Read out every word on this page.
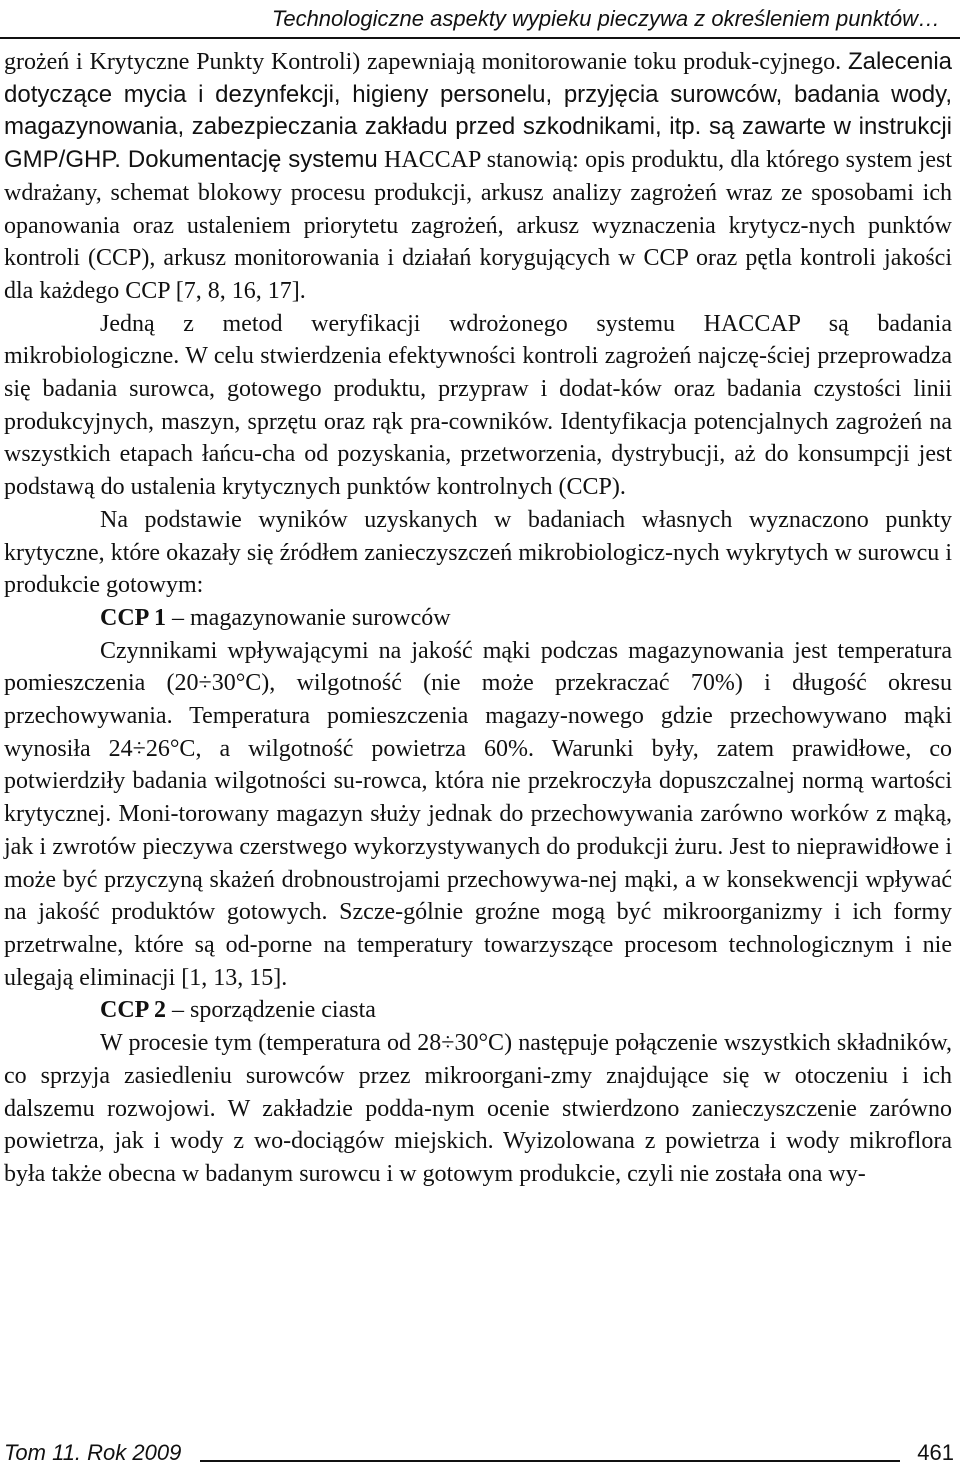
Technologiczne aspekty wypieku pieczywa z określeniem punktów…

grożeń i Krytyczne Punkty Kontroli) zapewniają monitorowanie toku produk-cyjnego. Zalecenia dotyczące mycia i dezynfekcji, higieny personelu, przyjęcia surowców, badania wody, magazynowania, zabezpieczania zakładu przed szkodnikami, itp. są zawarte w instrukcji GMP/GHP. Dokumentację systemu HACCAP stanowią: opis produktu, dla którego system jest wdrażany, schemat blokowy procesu produkcji, arkusz analizy zagrożeń wraz ze sposobami ich opanowania oraz ustaleniem priorytetu zagrożeń, arkusz wyznaczenia krytycz-nych punktów kontroli (CCP), arkusz monitorowania i działań korygujących w CCP oraz pętla kontroli jakości dla każdego CCP [7, 8, 16, 17].

Jedną z metod weryfikacji wdrożonego systemu HACCAP są badania mikrobiologiczne. W celu stwierdzenia efektywności kontroli zagrożeń najczę-ściej przeprowadza się badania surowca, gotowego produktu, przypraw i dodat-ków oraz badania czystości linii produkcyjnych, maszyn, sprzętu oraz rąk pra-cowników. Identyfikacja potencjalnych zagrożeń na wszystkich etapach łańcu-cha od pozyskania, przetworzenia, dystrybucji, aż do konsumpcji jest podstawą do ustalenia krytycznych punktów kontrolnych (CCP).

Na podstawie wyników uzyskanych w badaniach własnych wyznaczono punkty krytyczne, które okazały się źródłem zanieczyszczeń mikrobiologicz-nych wykrytych w surowcu i produkcie gotowym:

CCP 1 – magazynowanie surowców

Czynnikami wpływającymi na jakość mąki podczas magazynowania jest temperatura pomieszczenia (20÷30°C), wilgotność (nie może przekraczać 70%) i długość okresu przechowywania. Temperatura pomieszczenia magazy-nowego gdzie przechowywano mąki wynosiła 24÷26°C, a wilgotność powietrza 60%. Warunki były, zatem prawidłowe, co potwierdziły badania wilgotności su-rowca, która nie przekroczyła dopuszczalnej normą wartości krytycznej. Moni-torowany magazyn służy jednak do przechowywania zarówno worków z mąką, jak i zwrotów pieczywa czerstwego wykorzystywanych do produkcji żuru. Jest to nieprawidłowe i może być przyczyną skażeń drobnoustrojami przechowywa-nej mąki, a w konsekwencji wpływać na jakość produktów gotowych. Szcze-gólnie groźne mogą być mikroorganizmy i ich formy przetrwalne, które są od-porne na temperatury towarzyszące procesom technologicznym i nie ulegają eliminacji [1, 13, 15].

CCP 2 – sporządzenie ciasta

W procesie tym (temperatura od 28÷30°C) następuje połączenie wszystkich składników, co sprzyja zasiedleniu surowców przez mikroorgani-zmy znajdujące się w otoczeniu i ich dalszemu rozwojowi. W zakładzie podda-nym ocenie stwierdzono zanieczyszczenie zarówno powietrza, jak i wody z wo-dociągów miejskich. Wyizolowana z powietrza i wody mikroflora była także obecna w badanym surowcu i w gotowym produkcie, czyli nie została ona wy-

Tom 11. Rok 2009	461
